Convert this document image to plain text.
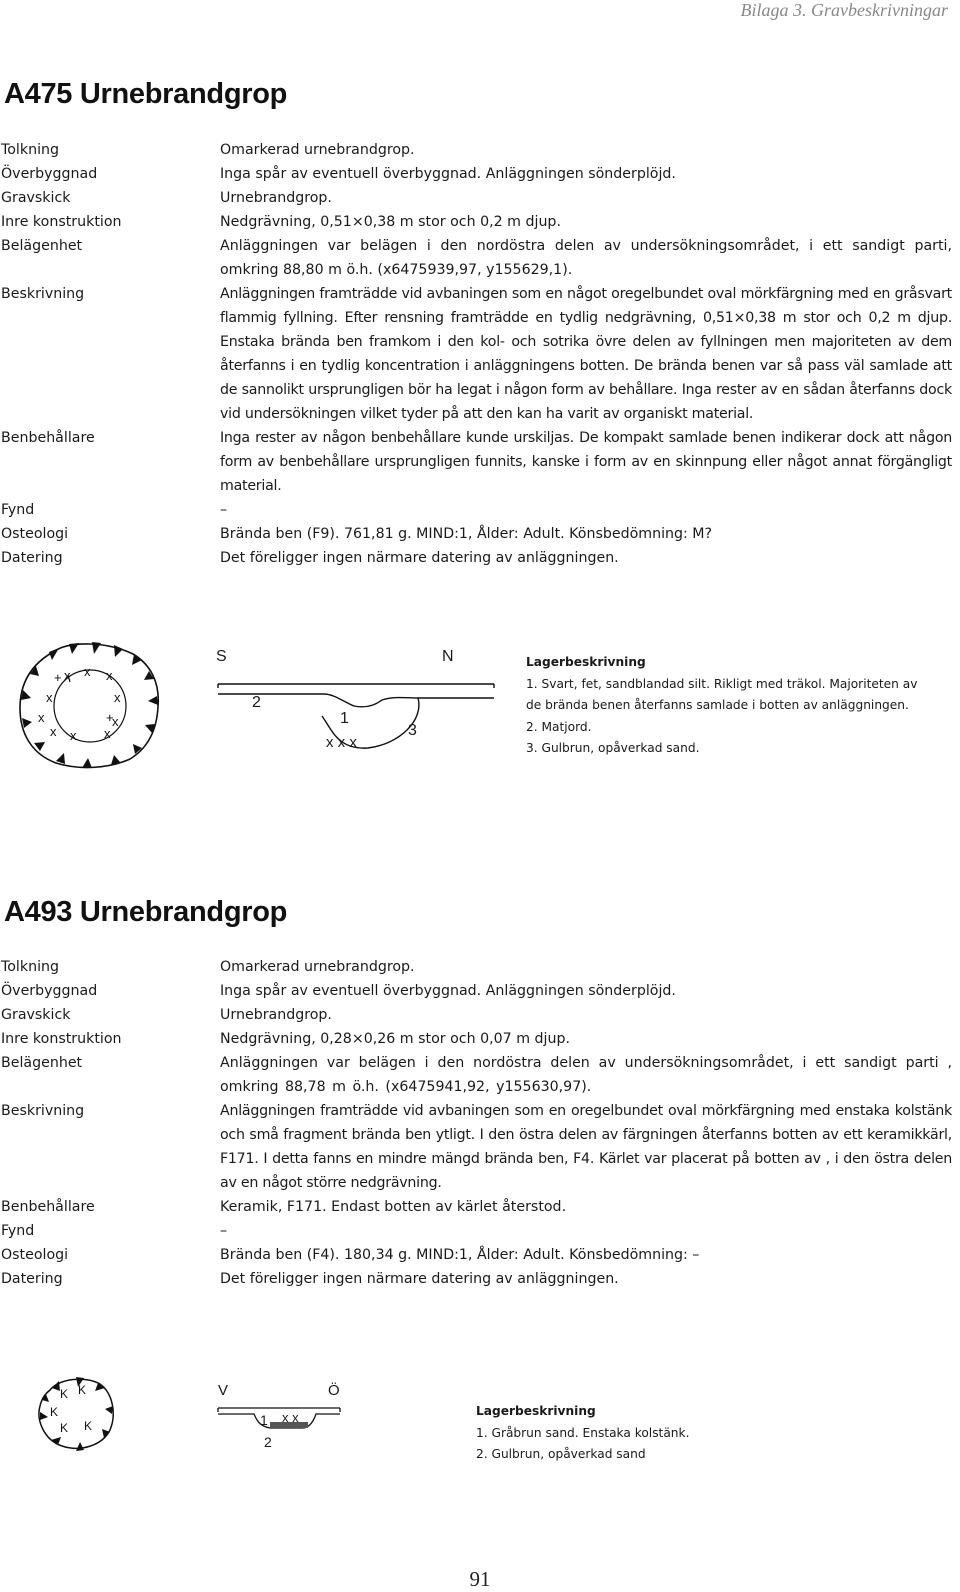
Bilaga 3. Gravbeskrivningar
A475 Urnebrandgrop
Tolkning	Omarkerad urnebrandgrop.
Överbyggnad	Inga spår av eventuell överbyggnad. Anläggningen sönderplöjd.
Gravskick	Urnebrandgrop.
Inre konstruktion	Nedgrävning, 0,51×0,38 m stor och 0,2 m djup.
Belägenhet	Anläggningen var belägen i den nordöstra delen av undersökningsområdet, i ett sandigt parti, omkring 88,80 m ö.h. (x6475939,97, y155629,1).
Beskrivning	Anläggningen framträdde vid avbaningen som en något oregelbundet oval mörkfärgning med en gråsvart flammig fyllning. Efter rensning framträdde en tydlig nedgrävning, 0,51×0,38 m stor och 0,2 m djup. Enstaka brända ben framkom i den kol- och sotrika övre delen av fyllningen men majoriteten av dem återfanns i en tydlig koncentration i anläggningens botten. De brända benen var så pass väl samlade att de sannolikt ursprungligen bör ha legat i någon form av behållare. Inga rester av en sådan återfanns dock vid undersökningen vilket tyder på att den kan ha varit av organiskt material.
Benbehållare	Inga rester av någon benbehållare kunde urskiljas. De kompakt samlade benen indikerar dock att någon form av benbehållare ursprungligen funnits, kanske i form av en skinnpung eller något annat förgängligt material.
Fynd	–
Osteologi	Brända ben (F9). 761,81 g. MIND:1, Ålder: Adult. Könsbedömning: M?
Datering	Det föreligger ingen närmare datering av anläggningen.
x x x
x	x
x	x
x x x
+
+
S	N
2
1
x x x
3
Lagerbeskrivning
1. Svart, fet, sandblandad silt. Rikligt med träkol. Majoriteten av de brända benen återfanns samlade i botten av anläggningen.
2. Matjord.
3. Gulbrun, opåverkad sand.
A493 Urnebrandgrop
Tolkning	Omarkerad urnebrandgrop.
Överbyggnad	Inga spår av eventuell överbyggnad. Anläggningen sönderplöjd.
Gravskick	Urnebrandgrop.
Inre konstruktion	Nedgrävning, 0,28×0,26 m stor och 0,07 m djup.
Belägenhet	Anläggningen var belägen i den nordöstra delen av undersökningsområdet, i ett sandigt parti , omkring 88,78 m ö.h. (x6475941,92, y155630,97).
Beskrivning	Anläggningen framträdde vid avbaningen som en oregelbundet oval mörkfärgning med enstaka kolstänk och små fragment brända ben ytligt. I den östra delen av färgningen återfanns botten av ett keramikkärl, F171. I detta fanns en mindre mängd brända ben, F4. Kärlet var placerat på botten av , i den östra delen av en något större nedgrävning.
Benbehållare	Keramik, F171. Endast botten av kärlet återstod.
Fynd	–
Osteologi	Brända ben (F4). 180,34 g. MIND:1, Ålder: Adult. Könsbedömning: –
Datering	Det föreligger ingen närmare datering av anläggningen.
K K
K
K K
V	Ö
1 x x
2
Lagerbeskrivning
1. Gråbrun sand. Enstaka kolstänk.
2. Gulbrun, opåverkad sand
91
